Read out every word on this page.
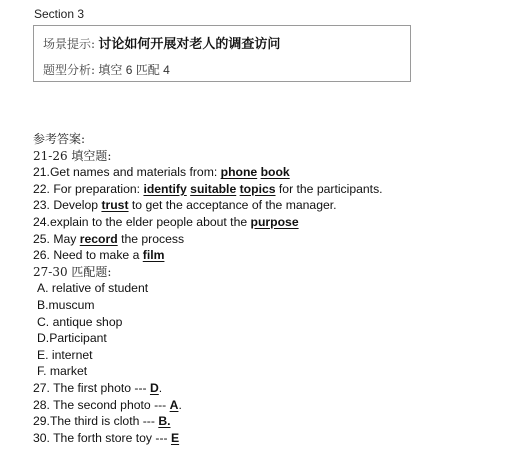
Section 3
场景提示: 讨论如何开展对老人的调查访问
题型分析: 填空 6 匹配 4
参考答案:
21-26 填空题:
21.Get names and materials from: phone book
22. For preparation: identify suitable topics for the participants.
23. Develop trust to get the acceptance of the manager.
24.explain to the elder people about the purpose
25. May record the process
26. Need to make a film
27-30 匹配题:
A. relative of student
B.muscum
C. antique shop
D.Participant
E. internet
F. market
27. The first photo --- D.
28. The second photo --- A.
29.The third is cloth --- B.
30. The forth store toy --- E
